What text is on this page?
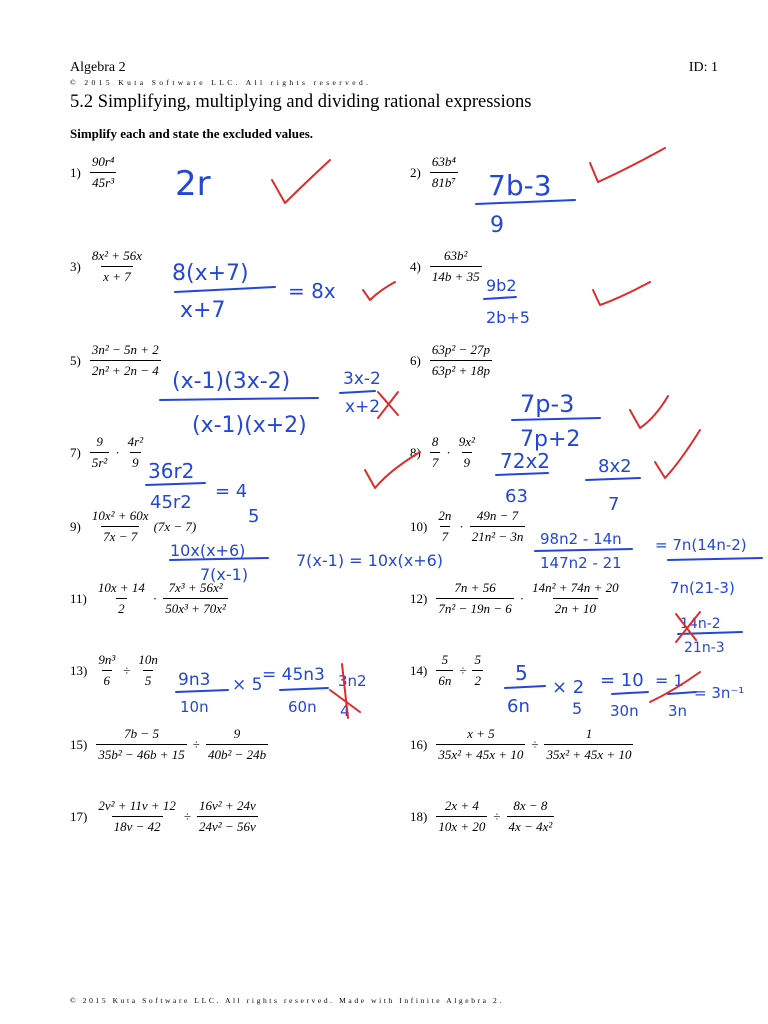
Algebra 2	ID: 1
© 2015 Kuta Software LLC. All rights reserved.
5.2 Simplifying, multiplying and dividing rational expressions
Simplify each and state the excluded values.
$1) \frac{\text{90r⁴}}{\text{45r³}}$
$3) \frac{\text{8x² + 56x}}{x + 7}$
$5) \frac{\text{3n² − 5n + 2}}{\text{2n² + 2n − 4}}$
$7) \frac{9}{\text{5r²}} \cdot \frac{\text{4r²}}{9}$
$9) \frac{\text{10x² + 60x}}{7x - 7} (7x - 7)$
$11) \frac{10x + 14}{2} \cdot \frac{\text{7x³ + 56x²}}{\text{50x³ + 70x²}}$
$13) \frac{\text{9n³}}{6} \div \frac{10n}{5}$
$15) \frac{7b - 5}{\text{35b² − 46b + 15}} \div \frac{9}{\text{40b² − 24b}}$
$17) \frac{\text{2v² + 11v + 12}}{18v - 42} \div \frac{\text{16v² + 24v}}{\text{24v² − 56v}}$
$2) \frac{\text{63b⁴}}{\text{81b⁷}}$
$4) \frac{\text{63b²}}{14b + 35}$
$6) \frac{\text{63p² − 27p}}{\text{63p² + 18p}}$
$8) \frac{8}{7} \cdot \frac{\text{9x²}}{9}$
$10) \frac{2n}{7} \cdot \frac{49n - 7}{\text{21n² − 3n}}$
$12) \frac{7n + 56}{\text{7n² − 19n − 6}} \cdot \frac{\text{14n² + 74n + 20}}{2n + 10}$
$14) \frac{5}{6n} \div \frac{5}{2}$
$16) \frac{x + 5}{\text{35x² + 45x + 10}} \div \frac{1}{\text{35x² + 45x + 10}}$
$18) \frac{2x + 4}{10x + 20} \div \frac{8x - 8}{\text{4x − 4x²}}$
2r	7b-3
9
8(x+7)
x+7
= 8x	9b2
2b+5
(x-1)(3x-2)
(x-1)(x+2)
3x-2
x+2	7p-3
7p+2
36r2
45r2
= 4
5
72x2
63
8x2
7
10x(x+6)
7(x-1)
7(x-1) = 10x(x+6)
98n2 - 14n
147n2 - 21
= 7n(14n-2)
7n(21-3)
14n-2
21n-3
9n3
10n
× 5 = 45n3
60n
3n2
4
5
6n
× 2
5
= 10
30n
= 1
3n
= 3n⁻¹
© 2015 Kuta Software LLC. All rights reserved. Made with Infinite Algebra 2.
